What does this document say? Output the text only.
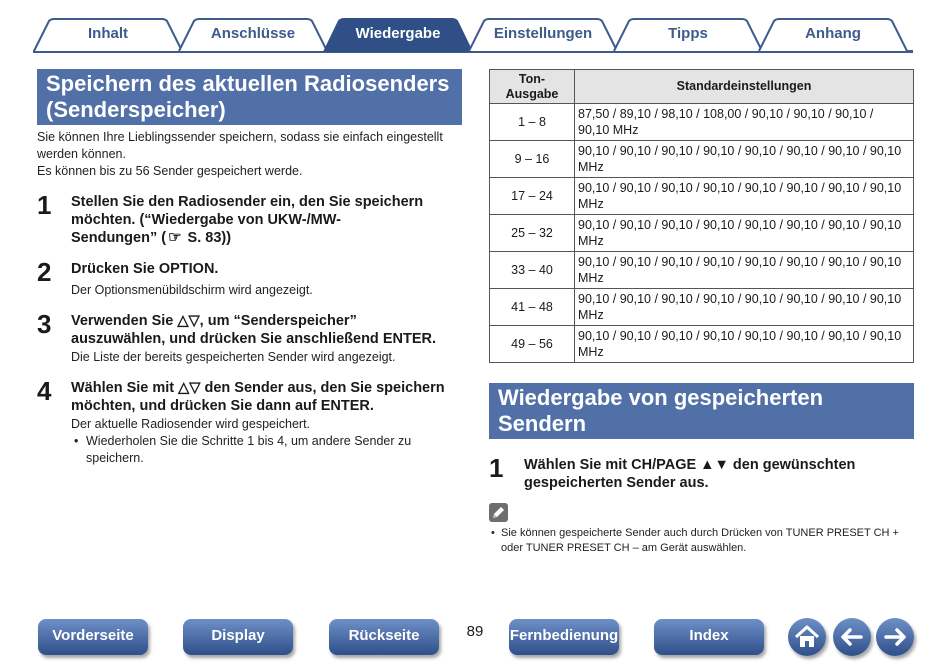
Inhalt	Anschlüsse	Wiedergabe	Einstellungen	Tipps	Anhang
Speichern des aktuellen Radiosenders
(Senderspeicher)
Sie können Ihre Lieblingssender speichern, sodass sie einfach eingestellt
werden können.
Es können bis zu 56 Sender gespeichert werde.
1 Stellen Sie den Radiosender ein, den Sie speichern
möchten. (“Wiedergabe von UKW-/MW-
Sendungen” ( ☞ S. 83))
2 Drücken Sie OPTION.
Der Optionsmenübildschirm wird angezeigt.
3 Verwenden Sie △▽, um “Senderspeicher”
auszuwählen, und drücken Sie anschließend ENTER.
Die Liste der bereits gespeicherten Sender wird angezeigt.
4 Wählen Sie mit △▽ den Sender aus, den Sie speichern
möchten, und drücken Sie dann auf ENTER.
Der aktuelle Radiosender wird gespeichert.
• Wiederholen Sie die Schritte 1 bis 4, um andere Sender zu
speichern.
Ton-
Ausgabe	Standardeinstellungen
1 – 8	87,50 / 89,10 / 98,10 / 108,00 / 90,10 / 90,10 / 90,10 /
90,10 MHz

9 – 16	90,10 / 90,10 / 90,10 / 90,10 / 90,10 / 90,10 / 90,10 / 90,10
MHz

17 – 24	90,10 / 90,10 / 90,10 / 90,10 / 90,10 / 90,10 / 90,10 / 90,10
MHz

25 – 32	90,10 / 90,10 / 90,10 / 90,10 / 90,10 / 90,10 / 90,10 / 90,10
MHz

33 – 40	90,10 / 90,10 / 90,10 / 90,10 / 90,10 / 90,10 / 90,10 / 90,10
MHz

41 – 48	90,10 / 90,10 / 90,10 / 90,10 / 90,10 / 90,10 / 90,10 / 90,10
MHz

49 – 56	90,10 / 90,10 / 90,10 / 90,10 / 90,10 / 90,10 / 90,10 / 90,10
MHz
Wiedergabe von gespeicherten
Sendern
1 Wählen Sie mit CH/PAGE ▲▼ den gewünschten
gespeicherten Sender aus.
• Sie können gespeicherte Sender auch durch Drücken von TUNER PRESET CH +
oder TUNER PRESET CH – am Gerät auswählen.
Vorderseite	Display	Rückseite	89	Fernbedienung	Index
